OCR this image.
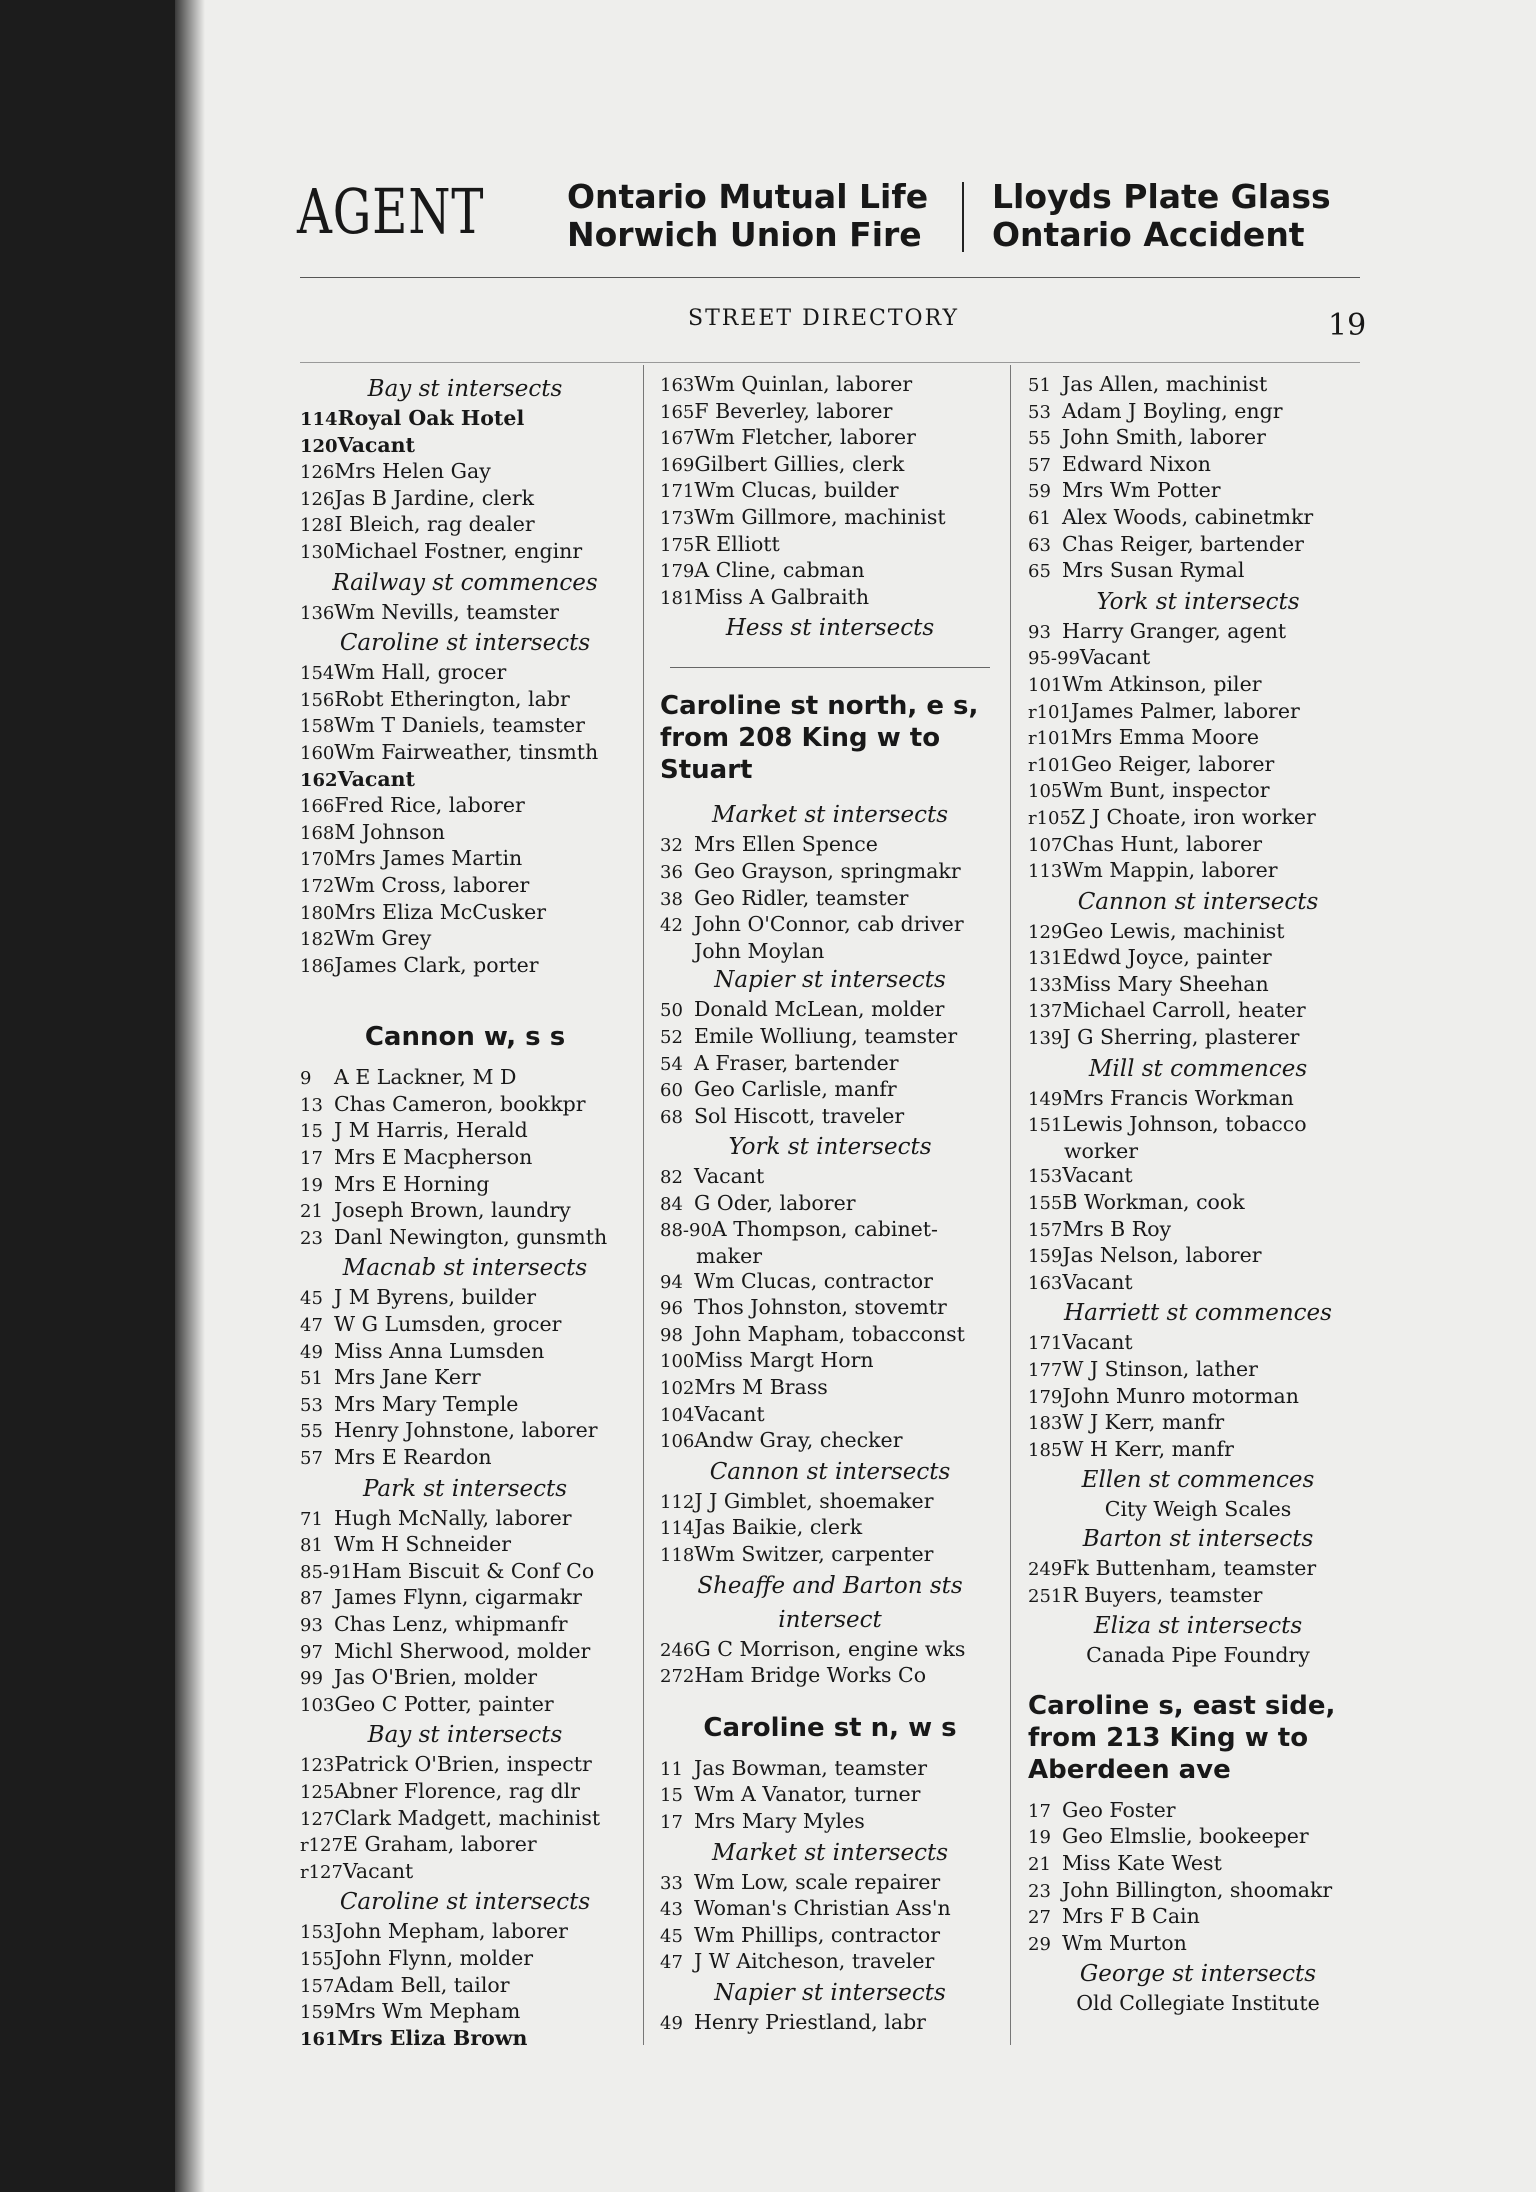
AGENT	Ontario Mutual Life
Norwich Union Fire
Lloyds Plate Glass
Ontario Accident
STREET DIRECTORY	19
Bay st intersects
114Royal Oak Hotel
120Vacant
126Mrs Helen Gay
126Jas B Jardine, clerk
128I Bleich, rag dealer
130Michael Fostner, enginr
Railway st commences
136Wm Nevills, teamster
Caroline st intersects
154Wm Hall, grocer
156Robt Etherington, labr
158Wm T Daniels, teamster
160Wm Fairweather, tinsmth
162Vacant
166Fred Rice, laborer
168M Johnson
170Mrs James Martin
172Wm Cross, laborer
180Mrs Eliza McCusker
182Wm Grey
186James Clark, porter
Cannon w, s s
9 A E Lackner, M D
13 Chas Cameron, bookkpr
15 J M Harris, Herald
17 Mrs E Macpherson
19 Mrs E Horning
21 Joseph Brown, laundry
23 Danl Newington, gunsmth
Macnab st intersects
45 J M Byrens, builder
47 W G Lumsden, grocer
49 Miss Anna Lumsden
51 Mrs Jane Kerr
53 Mrs Mary Temple
55 Henry Johnstone, laborer
57 Mrs E Reardon
Park st intersects
71 Hugh McNally, laborer
81 Wm H Schneider
85-91Ham Biscuit & Conf Co
87 James Flynn, cigarmakr
93 Chas Lenz, whipmanfr
97 Michl Sherwood, molder
99 Jas O'Brien, molder
103Geo C Potter, painter
Bay st intersects
123Patrick O'Brien, inspectr
125Abner Florence, rag dlr
127Clark Madgett, machinist
r127E Graham, laborer
r127Vacant
Caroline st intersects
153John Mepham, laborer
155John Flynn, molder
157Adam Bell, tailor
159Mrs Wm Mepham
161Mrs Eliza Brown
163Wm Quinlan, laborer
165F Beverley, laborer
167Wm Fletcher, laborer
169Gilbert Gillies, clerk
171Wm Clucas, builder
173Wm Gillmore, machinist
175R Elliott
179A Cline, cabman
181Miss A Galbraith
Hess st intersects
Caroline st north, e s, from 208 King w to Stuart
Market st intersects
32 Mrs Ellen Spence
36 Geo Grayson, springmakr
38 Geo Ridler, teamster
42 John O'Connor, cab driver
John Moylan
Napier st intersects
50 Donald McLean, molder
52 Emile Wolliung, teamster
54 A Fraser, bartender
60 Geo Carlisle, manfr
68 Sol Hiscott, traveler
York st intersects
82 Vacant
84 G Oder, laborer
88-90A Thompson, cabinet-
maker
94 Wm Clucas, contractor
96 Thos Johnston, stovemtr
98 John Mapham, tobacconst
100Miss Margt Horn
102Mrs M Brass
104Vacant
106Andw Gray, checker
Cannon st intersects
112J J Gimblet, shoemaker
114Jas Baikie, clerk
118Wm Switzer, carpenter
Sheaffe and Barton sts intersect
246G C Morrison, engine wks
272Ham Bridge Works Co
Caroline st n, w s
11 Jas Bowman, teamster
15 Wm A Vanator, turner
17 Mrs Mary Myles
Market st intersects
33 Wm Low, scale repairer
43 Woman's Christian Ass'n
45 Wm Phillips, contractor
47 J W Aitcheson, traveler
Napier st intersects
49 Henry Priestland, labr
51 Jas Allen, machinist
53 Adam J Boyling, engr
55 John Smith, laborer
57 Edward Nixon
59 Mrs Wm Potter
61 Alex Woods, cabinetmkr
63 Chas Reiger, bartender
65 Mrs Susan Rymal
York st intersects
93 Harry Granger, agent
95-99Vacant
101Wm Atkinson, piler
r101James Palmer, laborer
r101Mrs Emma Moore
r101Geo Reiger, laborer
105Wm Bunt, inspector
r105Z J Choate, iron worker
107Chas Hunt, laborer
113Wm Mappin, laborer
Cannon st intersects
129Geo Lewis, machinist
131Edwd Joyce, painter
133Miss Mary Sheehan
137Michael Carroll, heater
139J G Sherring, plasterer
Mill st commences
149Mrs Francis Workman
151Lewis Johnson, tobacco
worker
153Vacant
155B Workman, cook
157Mrs B Roy
159Jas Nelson, laborer
163Vacant
Harriett st commences
171Vacant
177W J Stinson, lather
179John Munro motorman
183W J Kerr, manfr
185W H Kerr, manfr
Ellen st commences
City Weigh Scales
Barton st intersects
249Fk Buttenham, teamster
251R Buyers, teamster
Eliza st intersects
Canada Pipe Foundry
Caroline s, east side, from 213 King w to Aberdeen ave
17 Geo Foster
19 Geo Elmslie, bookeeper
21 Miss Kate West
23 John Billington, shoomakr
27 Mrs F B Cain
29 Wm Murton
George st intersects
Old Collegiate Institute
